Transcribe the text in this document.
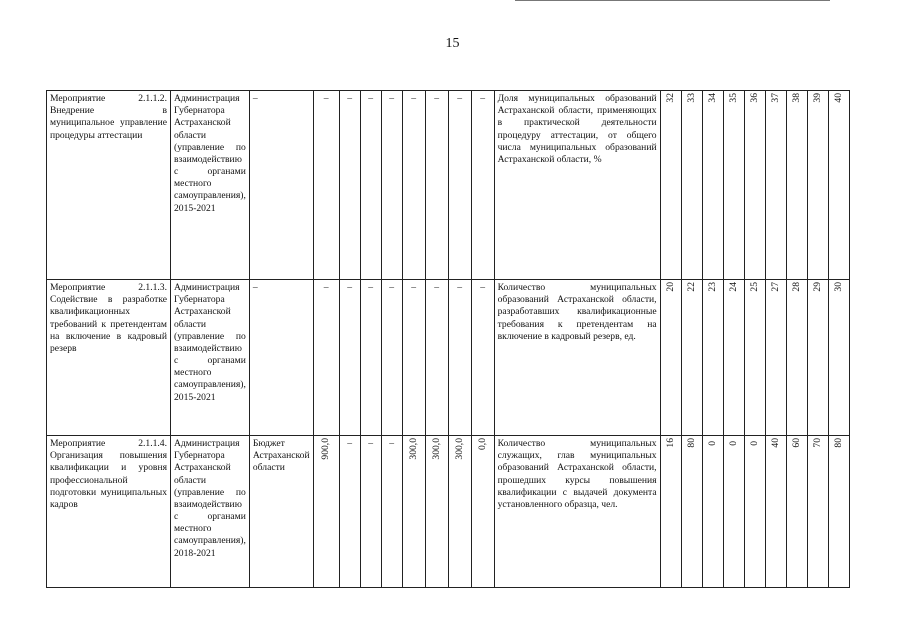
15
Мероприятие 2.1.1.2. Внедрение в муниципальное управление процедуры аттестации	Администрация Губернатора Астраханской области (управление по взаимодействию с органами местного самоуправления), 2015-2021	–	–	–	–	–	–	–	–	–	Доля муниципальных образований Астраханской области, применяющих в практической деятельности процедуру аттестации, от общего числа муниципальных образований Астраханской области, %	32	33	34	35	36	37	38	39	40
Мероприятие 2.1.1.3. Содействие в разработке квалификационных требований к претендентам на включение в кадровый резерв	Администрация Губернатора Астраханской области (управление по взаимодействию с органами местного самоуправления), 2015-2021	–	–	–	–	–	–	–	–	–	Количество муниципальных образований Астраханской области, разработавших квалификационные требования к претендентам на включение в кадровый резерв, ед.	20	22	23	24	25	27	28	29	30
Мероприятие 2.1.1.4. Организация повышения квалификации и уровня профессиональной подготовки муниципальных кадров	Администрация Губернатора Астраханской области (управление по взаимодействию с органами местного самоуправления), 2018-2021	Бюджет Астраханской области	900,0	–	–	–	300,0	300,0	300,0	0,0	Количество муниципальных служащих, глав муниципальных образований Астраханской области, прошедших курсы повышения квалификации с выдачей документа установленного образца, чел.	16	80	0	0	0	40	60	70	80
